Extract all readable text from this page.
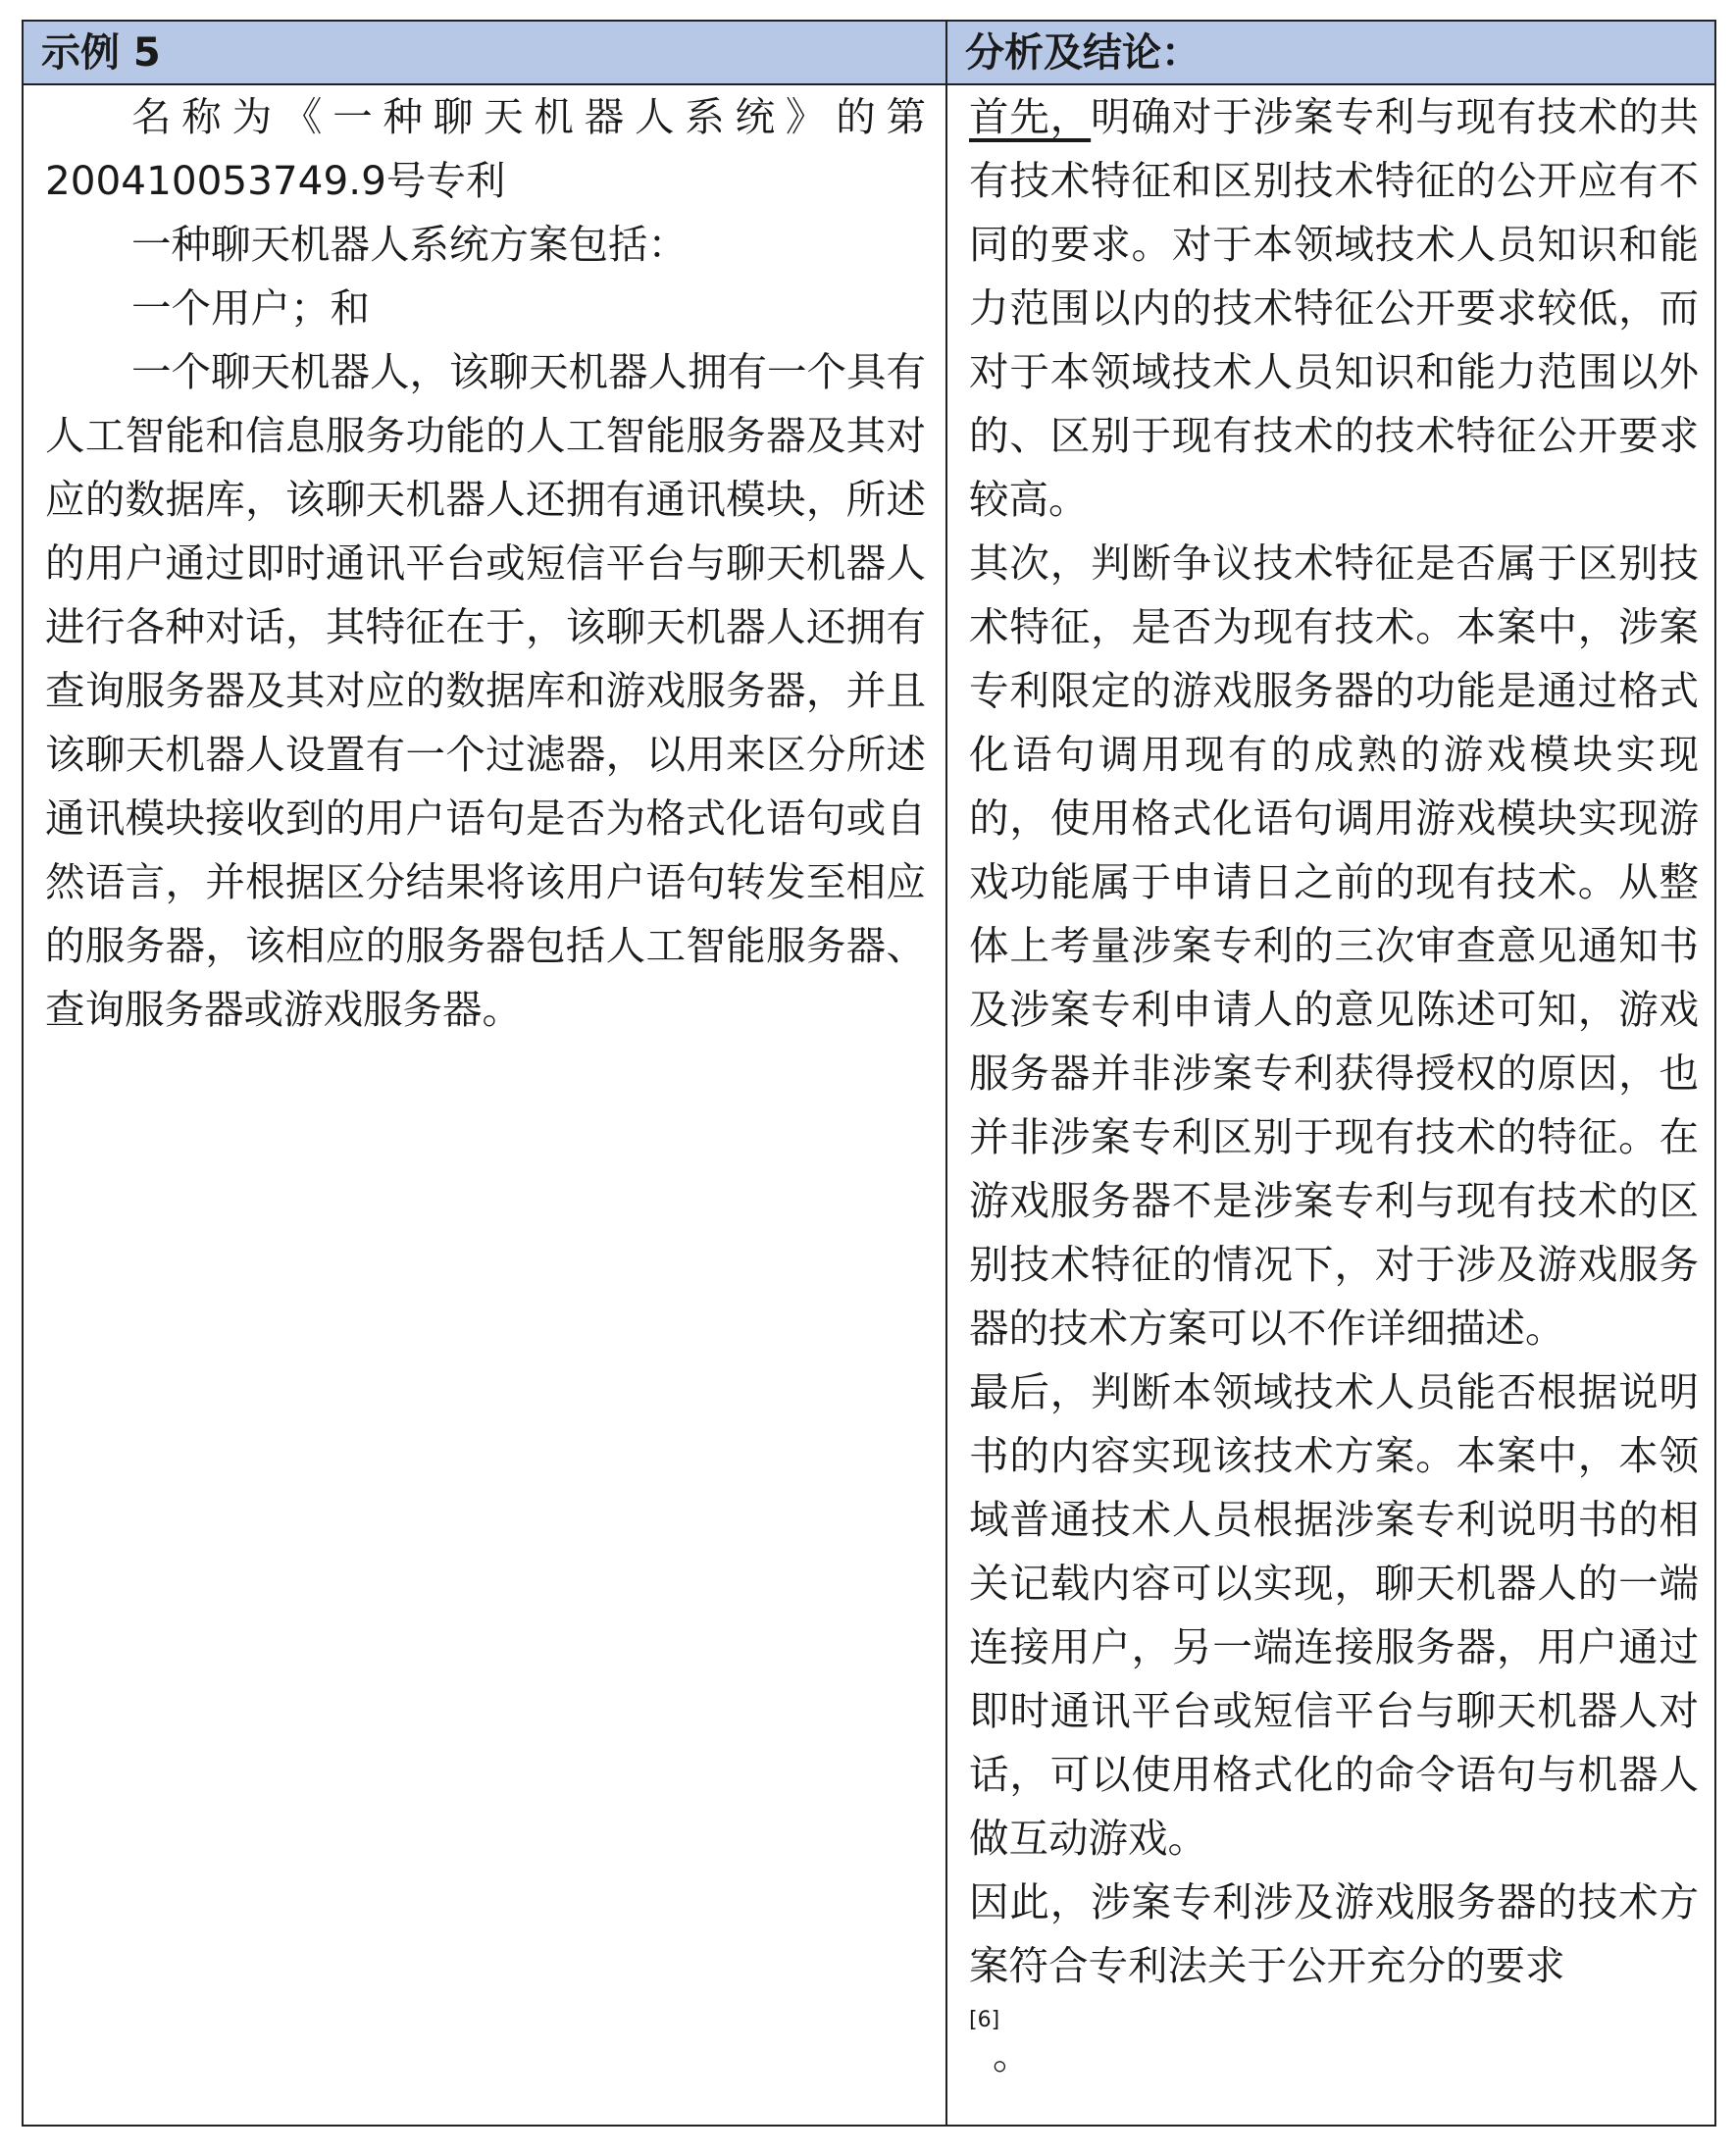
示例 5	分析及结论：

名称为《一种聊天机器人系统》的第

200410053749.9号专利

一种聊天机器人系统方案包括：

一个用户；和

一个聊天机器人，该聊天机器人拥有一个具有人工智能和信息服务功能的人工智能服务器及其对应的数据库，该聊天机器人还拥有通讯模块，所述的用户通过即时通讯平台或短信平台与聊天机器人进行各种对话，其特征在于，该聊天机器人还拥有查询服务器及其对应的数据库和游戏服务器，并且该聊天机器人设置有一个过滤器，以用来区分所述通讯模块接收到的用户语句是否为格式化语句或自然语言，并根据区分结果将该用户语句转发至相应的服务器，该相应的服务器包括人工智能服务器、查询服务器或游戏服务器。

首先，明确对于涉案专利与现有技术的共有技术特征和区别技术特征的公开应有不同的要求。对于本领域技术人员知识和能力范围以内的技术特征公开要求较低，而对于本领域技术人员知识和能力范围以外的、区别于现有技术的技术特征公开要求较高。

其次，判断争议技术特征是否属于区别技术特征，是否为现有技术。本案中，涉案专利限定的游戏服务器的功能是通过格式化语句调用现有的成熟的游戏模块实现的，使用格式化语句调用游戏模块实现游戏功能属于申请日之前的现有技术。从整体上考量涉案专利的三次审查意见通知书及涉案专利申请人的意见陈述可知，游戏服务器并非涉案专利获得授权的原因，也并非涉案专利区别于现有技术的特征。在游戏服务器不是涉案专利与现有技术的区别技术特征的情况下，对于涉及游戏服务器的技术方案可以不作详细描述。

最后，判断本领域技术人员能否根据说明书的内容实现该技术方案。本案中，本领域普通技术人员根据涉案专利说明书的相关记载内容可以实现，聊天机器人的一端连接用户，另一端连接服务器，用户通过即时通讯平台或短信平台与聊天机器人对话，可以使用格式化的命令语句与机器人做互动游戏。

因此，涉案专利涉及游戏服务器的技术方案符合专利法关于公开充分的要求
[6]
。
